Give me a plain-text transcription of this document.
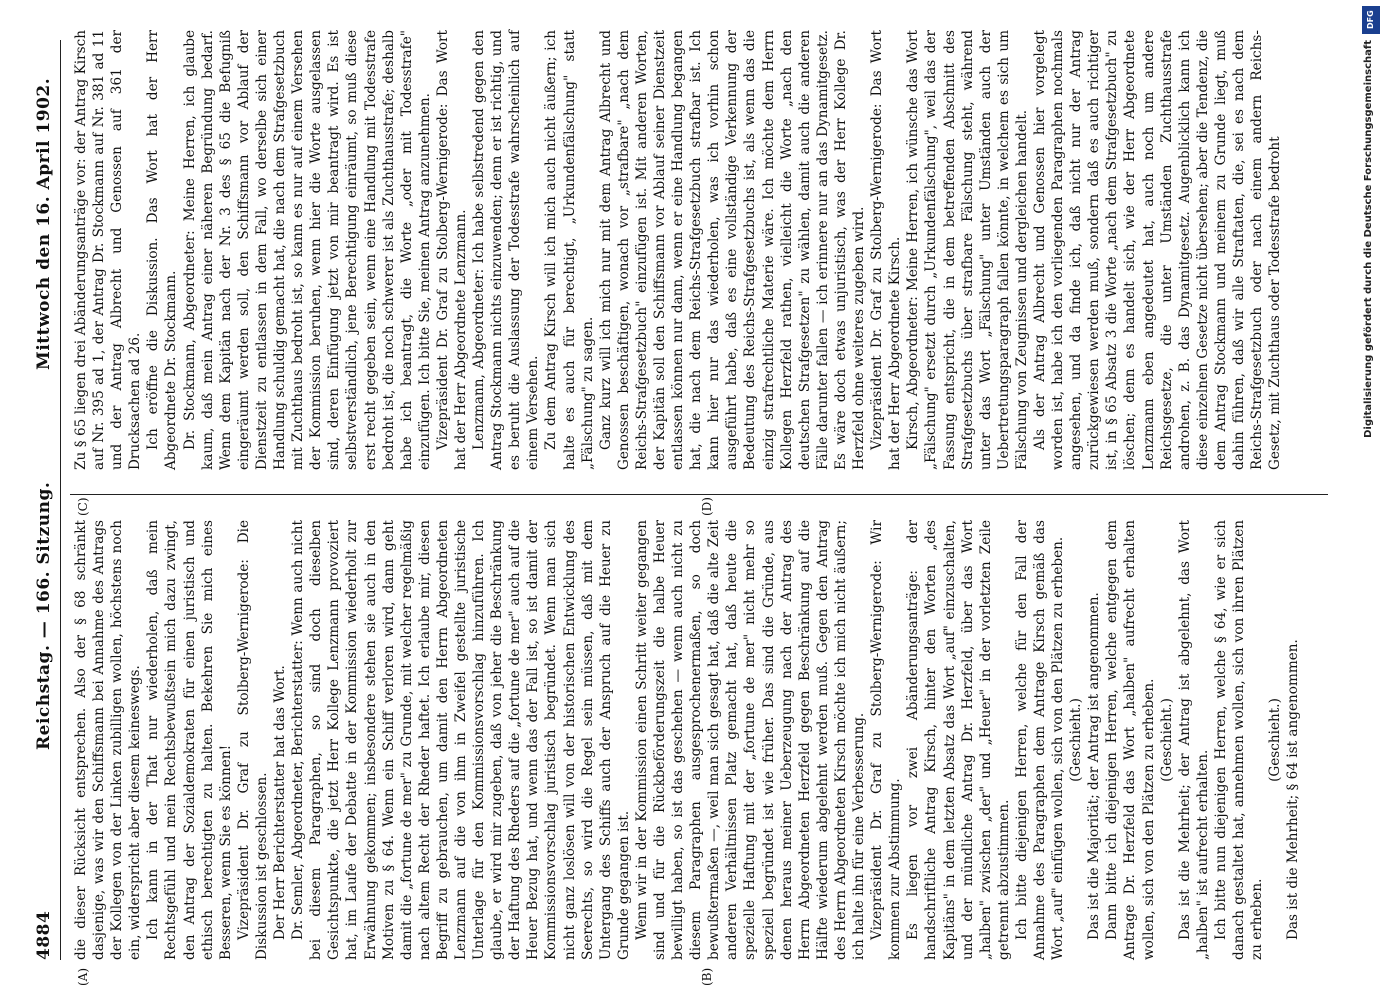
4884
Reichstag. — 166. Sitzung.
Mittwoch den 16. April 1902.
(A)	(B)
(C)	(D)

die dieser Rücksicht entsprechen. Also der § 68 schränkt dasjenige, was wir den Schiffsmann bei Annahme des Antrags der Kollegen von der Linken zubilligen wollen, höchstens noch ein, widerspricht aber diesem keineswegs. Ich kann in der That nur wiederholen, daß mein Rechtsgefühl und mein Rechtsbewußtsein mich dazu zwingt, den Antrag der Sozialdemokraten für einen juristisch und ethisch berechtigten zu halten. Bekehren Sie mich eines Besseren, wenn Sie es können! Vizepräsident Dr. Graf zu Stolberg-Wernigerode: Die Diskussion ist geschlossen. Der Herr Berichterstatter hat das Wort. Dr. Semler, Abgeordneter, Berichterstatter: Wenn auch nicht bei diesem Paragraphen, so sind doch dieselben Gesichtspunkte, die jetzt Herr Kollege Lenzmann provoziert hat, im Laufe der Debatte in der Kommission wiederholt zur Erwähnung gekommen; insbesondere stehen sie auch in den Motiven zu § 64. Wenn ein Schiff verloren wird, dann geht damit die „fortune de mer" zu Grunde, mit welcher regelmäßig nach altem Recht der Rheder haftet. Ich erlaube mir, diesen Begriff zu gebrauchen, um damit den Herrn Abgeordneten Lenzmann auf die von ihm in Zweifel gestellte juristische Unterlage für den Kommissionsvorschlag hinzuführen. Ich glaube, er wird mir zugeben, daß von jeher die Beschränkung der Haftung des Rheders auf die „fortune de mer" auch auf die Heuer Bezug hat, und wenn das der Fall ist, so ist damit der Kommissionsvorschlag juristisch begründet. Wenn man sich nicht ganz loslösen will von der historischen Entwicklung des Seerechts, so wird die Regel sein müssen, daß mit dem Untergang des Schiffs auch der Anspruch auf die Heuer zu Grunde gegangen ist. Wenn wir in der Kommission einen Schritt weiter gegangen sind und für die Rückbeförderungszeit die halbe Heuer bewilligt haben, so ist das geschehen — wenn auch nicht zu diesem Paragraphen ausgesprochenermaßen, so doch bewußtermaßen —, weil man sich gesagt hat, daß die alte Zeit anderen Verhältnissen Platz gemacht hat, daß heute die spezielle Haftung mit der „fortune de mer" nicht mehr so speziell begründet ist wie früher. Das sind die Gründe, aus denen heraus meiner Ueberzeugung nach der Antrag des Herrn Abgeordneten Herzfeld gegen Beschränkung auf die Hälfte wiederum abgelehnt werden muß. Gegen den Antrag des Herrn Abgeordneten Kirsch möchte ich mich nicht äußern; ich halte ihn für eine Verbesserung. Vizepräsident Dr. Graf zu Stolberg-Wernigerode: Wir kommen zur Abstimmung. Es liegen vor zwei Abänderungsanträge: der handschriftliche Antrag Kirsch, hinter den Worten „des Kapitäns" in dem letzten Absatz das Wort „auf" einzuschalten, und der mündliche Antrag Dr. Herzfeld, über das Wort „halben" zwischen „der" und „Heuer" in der vorletzten Zeile getrennt abzustimmen. Ich bitte diejenigen Herren, welche für den Fall der Annahme des Paragraphen dem Antrage Kirsch gemäß das Wort „auf" einfügen wollen, sich von den Plätzen zu erheben. (Geschieht.) Das ist die Majorität; der Antrag ist angenommen. Dann bitte ich diejenigen Herren, welche entgegen dem Antrage Dr. Herzfeld das Wort „halben" aufrecht erhalten wollen, sich von den Plätzen zu erheben. (Geschieht.) Das ist die Mehrheit; der Antrag ist abgelehnt, das Wort „halben" ist aufrecht erhalten. Ich bitte nun diejenigen Herren, welche § 64, wie er sich danach gestaltet hat, annehmen wollen, sich von ihren Plätzen zu erheben.

(Geschieht.) Das ist die Mehrheit; § 64 ist angenommen.

Zu § 65 liegen drei Abänderungsanträge vor: der Antrag Kirsch auf Nr. 395 ad 1, der Antrag Dr. Stockmann auf Nr. 381 ad 11 und der Antrag Albrecht und Genossen auf 361 der Drucksachen ad 26. Ich eröffne die Diskussion. Das Wort hat der Herr Abgeordnete Dr. Stockmann. Dr. Stockmann, Abgeordneter: Meine Herren, ich glaube kaum, daß mein Antrag einer näheren Begründung bedarf. Wenn dem Kapitän nach der Nr. 3 des § 65 die Befugniß eingeräumt werden soll, den Schiffsmann vor Ablauf der Dienstzeit zu entlassen in dem Fall, wo derselbe sich einer Handlung schuldig gemacht hat, die nach dem Strafgesetzbuch mit Zuchthaus bedroht ist, so kann es nur auf einem Versehen der Kommission beruhen, wenn hier die Worte ausgelassen sind, deren Einfügung jetzt von mir beantragt wird. Es ist selbstverständlich, jene Berechtigung einräumt, so muß diese erst recht gegeben sein, wenn eine Handlung mit Todesstrafe bedroht ist, die noch schwerer ist als Zuchthausstrafe; deshalb habe ich beantragt, die Worte „oder mit Todesstrafe" einzufügen. Ich bitte Sie, meinen Antrag anzunehmen. Vizepräsident Dr. Graf zu Stolberg-Wernigerode: Das Wort hat der Herr Abgeordnete Lenzmann. Lenzmann, Abgeordneter: Ich habe selbstredend gegen den Antrag Stockmann nichts einzuwenden; denn er ist richtig, und es beruht die Auslassung der Todesstrafe wahrscheinlich auf einem Versehen. Zu dem Antrag Kirsch will ich mich auch nicht äußern; ich halte es auch für berechtigt, „Urkundenfälschung" statt „Fälschung" zu sagen. Ganz kurz will ich mich nur mit dem Antrag Albrecht und Genossen beschäftigen, wonach vor „strafbare" „nach dem Reichs-Strafgesetzbuch" einzufügen ist. Mit anderen Worten, der Kapitän soll den Schiffsmann vor Ablauf seiner Dienstzeit entlassen können nur dann, wenn er eine Handlung begangen hat, die nach dem Reichs-Strafgesetzbuch strafbar ist. Ich kann hier nur das wiederholen, was ich vorhin schon ausgeführt habe, daß es eine vollständige Verkennung der Bedeutung des Reichs-Strafgesetzbuchs ist, als wenn das die einzig strafrechtliche Materie wäre. Ich möchte dem Herrn Kollegen Herzfeld rathen, vielleicht die Worte „nach den deutschen Strafgesetzen" zu wählen, damit auch die anderen Fälle darunter fallen — ich erinnere nur an das Dynamitgesetz. Es wäre doch etwas unjuristisch, was der Herr Kollege Dr. Herzfeld ohne weiteres zugeben wird. Vizepräsident Dr. Graf zu Stolberg-Wernigerode: Das Wort hat der Herr Abgeordnete Kirsch. Kirsch, Abgeordneter: Meine Herren, ich wünsche das Wort „Fälschung" ersetzt durch „Urkundenfälschung", weil das der Fassung entspricht, die in dem betreffenden Abschnitt des Strafgesetzbuchs über strafbare Fälschung steht, während unter das Wort „Fälschung" unter Umständen auch der Uebertretungsparagraph fallen könnte, in welchem es sich um Fälschung von Zeugnissen und dergleichen handelt. Als der Antrag Albrecht und Genossen hier vorgelegt worden ist, habe ich den vorliegenden Paragraphen nochmals angesehen, und da finde ich, daß nicht nur der Antrag zurückgewiesen werden muß, sondern daß es auch richtiger ist, in § 65 Absatz 3 die Worte „nach dem Strafgesetzbuch" zu löschen; denn es handelt sich, wie der Herr Abgeordnete Lenzmann eben angedeutet hat, auch noch um andere Reichsgesetze, die unter Umständen Zuchthausstrafe androhen, z. B. das Dynamitgesetz. Augenblicklich kann ich diese einzelnen Gesetze nicht übersehen; aber die Tendenz, die dem Antrag Stockmann und meinem zu Grunde liegt, muß dahin führen, daß wir alle Straftaten, die, sei es nach dem Reichs-Strafgesetzbuch oder nach einem andern Reichs-Gesetz, mit Zuchthaus oder Todesstrafe bedroht

DFG
Digitalisierung gefördert durch die Deutsche Forschungsgemeinschaft
